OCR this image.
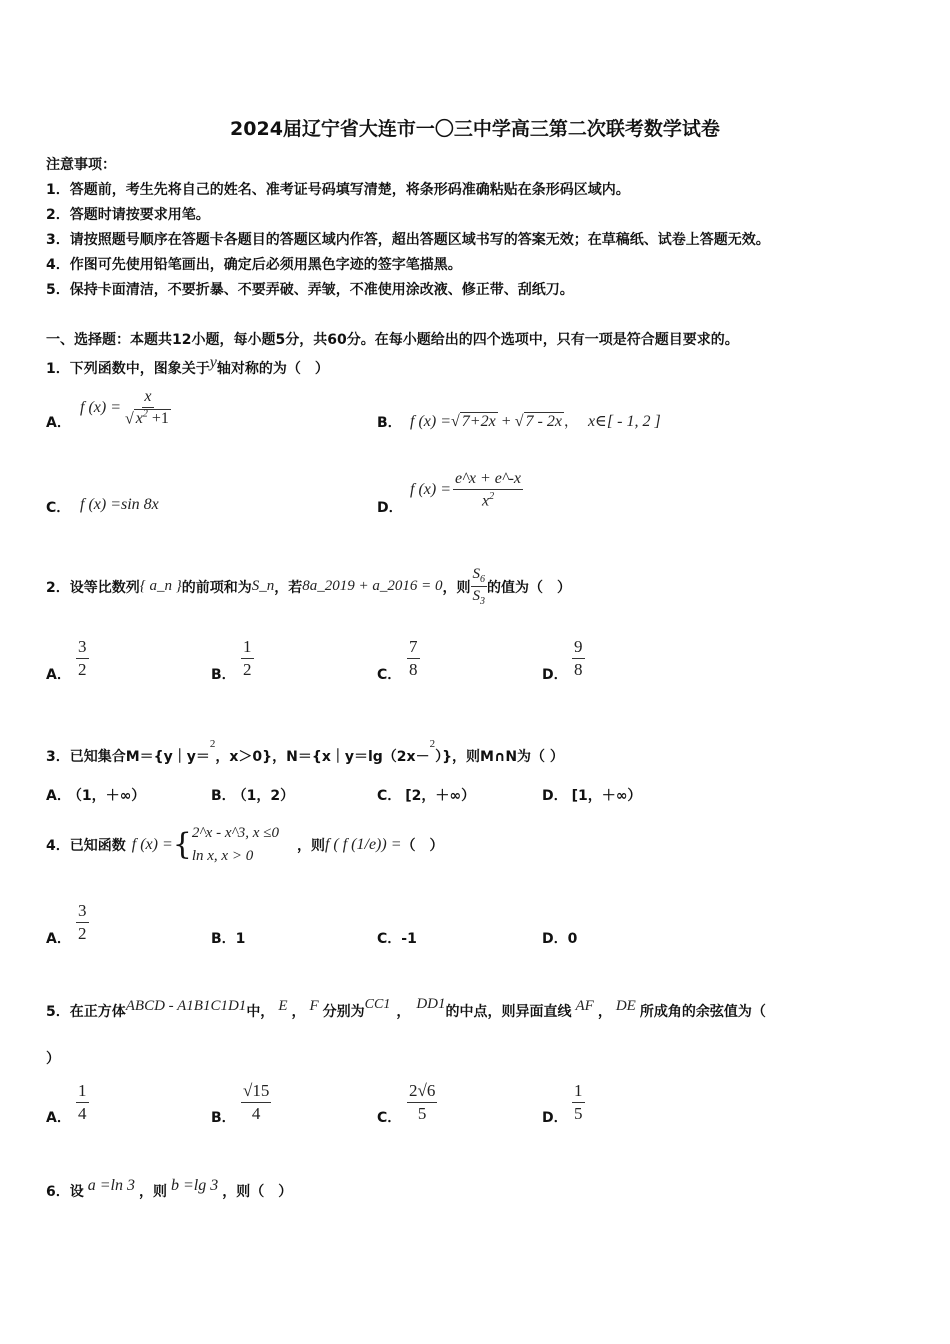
2024届辽宁省大连市一〇三中学高三第二次联考数学试卷
注意事项：
1．答题前，考生先将自己的姓名、准考证号码填写清楚，将条形码准确粘贴在条形码区域内。
2．答题时请按要求用笔。
3．请按照题号顺序在答题卡各题目的答题区域内作答，超出答题区域书写的答案无效；在草稿纸、试卷上答题无效。
4．作图可先使用铅笔画出，确定后必须用黑色字迹的签字笔描黑。
5．保持卡面清洁，不要折暴、不要弄破、弄皱，不准使用涂改液、修正带、刮纸刀。
一、选择题：本题共12小题，每小题5分，共60分。在每小题给出的四个选项中，只有一项是符合题目要求的。
1．下列函数中，图象关于y轴对称的为（　）
A．
f $(x) = \frac{x}{√ x^2 +1}$	B． f (x) =√ 7+2x + √ 7 - 2x ， x∈[ - 1, 2 ]
C． f (x) =sin 8x	D．
f $(x) = \frac{e\^{}x + e\^{}-x}{x^2}$
2．设等比数列 { a_n } 的前项和为 S_n ，若 8a_2019 + a_2016 = 0 ，则 $\frac{S_6}{S_3}$ 的值为（　）
A． $\frac{3}{2}$	B． $\frac{1}{2}$	C． $\frac{7}{8}$	D． $\frac{9}{8}$
3．已知集合M＝{y｜y＝$^2$，x＞0}，N＝{x｜y＝lg（2x－$^2$）}，则M∩N为（ ）
A． （1，＋∞）	B． （1，2）	C． [2，＋∞）	D． [1，＋∞）
4．已知函数 f (x) = { 2^x - x^3, x ≤0
ln x, x > 0
，则 f ( f (1/e)) = （　）
A． $\frac{3}{2}$	B．1	C．-1	D．0
5．在正方体ABCD - A1B1C1D1中， E ， F 分别为CC1 ， DD1的中点，则异面直线 AF ， DE 所成角的余弦值为（
）
A． $\frac{1}{4}$	B． $\frac{√15}{4}$	C． $\frac{2√6}{5}$	D． $\frac{1}{5}$
6．设 a =ln 3 ，则 b =lg 3 ，则（　）
